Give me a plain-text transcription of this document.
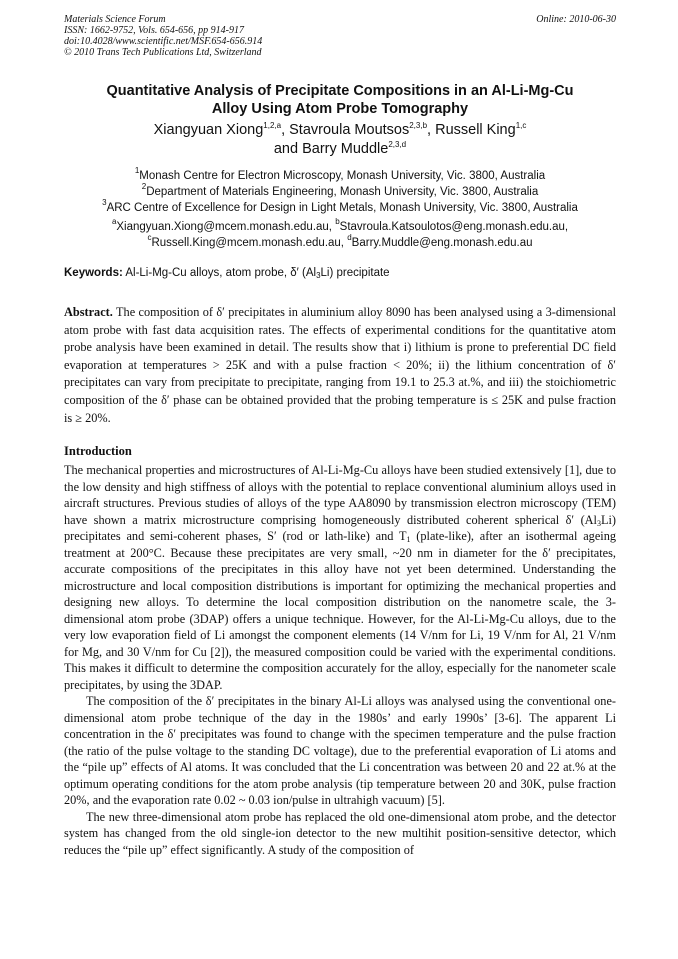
Materials Science Forum
ISSN: 1662-9752, Vols. 654-656, pp 914-917
doi:10.4028/www.scientific.net/MSF.654-656.914
© 2010 Trans Tech Publications Ltd, Switzerland
Online: 2010-06-30
Quantitative Analysis of Precipitate Compositions in an Al-Li-Mg-Cu
Alloy Using Atom Probe Tomography
Xiangyuan Xiong$^{1,2,a}$, Stavroula Moutsos$^{2,3,b}$, Russell King$^{1,c}$
and Barry Muddle$^{2,3,d}$
$^1$Monash Centre for Electron Microscopy, Monash University, Vic. 3800, Australia
$^2$Department of Materials Engineering, Monash University, Vic. 3800, Australia
$^3$ARC Centre of Excellence for Design in Light Metals, Monash University, Vic. 3800, Australia
$^a$Xiangyuan.Xiong@mcem.monash.edu.au, $^b$Stavroula.Katsoulotos@eng.monash.edu.au,
$^c$Russell.King@mcem.monash.edu.au, $^d$Barry.Muddle@eng.monash.edu.au
Keywords: Al-Li-Mg-Cu alloys, atom probe, δ′ $(Al_3Li)$ precipitate
Abstract. The composition of δ′ precipitates in aluminium alloy 8090 has been analysed using a 3-dimensional atom probe with fast data acquisition rates. The effects of experimental conditions for the quantitative atom probe analysis have been examined in detail. The results show that i) lithium is prone to preferential DC field evaporation at temperatures > 25K and with a pulse fraction < 20%; ii) the lithium concentration of δ′ precipitates can vary from precipitate to precipitate, ranging from 19.1 to 25.3 at.%, and iii) the stoichiometric composition of the δ′ phase can be obtained provided that the probing temperature is ≤ 25K and pulse fraction is ≥ 20%.
Introduction

The mechanical properties and microstructures of Al-Li-Mg-Cu alloys have been studied extensively [1], due to the low density and high stiffness of alloys with the potential to replace conventional aluminium alloys used in aircraft structures. Previous studies of alloys of the type AA8090 by transmission electron microscopy (TEM) have shown a matrix microstructure comprising homogeneously distributed coherent spherical δ′ $(Al_3Li)$ precipitates and semi-coherent phases, S′ (rod or lath-like) and $T_1$ (plate-like), after an isothermal ageing treatment at 200°C. Because these precipitates are very small, ~20 nm in diameter for the δ′ precipitates, accurate compositions of the precipitates in this alloy have not yet been determined. Understanding the microstructure and local composition distributions is important for optimizing the mechanical properties and designing new alloys. To determine the local composition distribution on the nanometre scale, the 3-dimensional atom probe (3DAP) offers a unique technique. However, for the Al-Li-Mg-Cu alloys, due to the very low evaporation field of Li amongst the component elements (14 V/nm for Li, 19 V/nm for Al, 21 V/nm for Mg, and 30 V/nm for Cu [2]), the measured composition could be varied with the experimental conditions. This makes it difficult to determine the composition accurately for the alloy, especially for the nanometer scale precipitates, by using the 3DAP.

The composition of the δ′ precipitates in the binary Al-Li alloys was analysed using the conventional one-dimensional atom probe technique of the day in the 1980s’ and early 1990s’ [3-6]. The apparent Li concentration in the δ′ precipitates was found to change with the specimen temperature and the pulse fraction (the ratio of the pulse voltage to the standing DC voltage), due to the preferential evaporation of Li atoms and the “pile up” effects of Al atoms. It was concluded that the Li concentration was between 20 and 22 at.% at the optimum operating conditions for the atom probe analysis (tip temperature between 20 and 30K, pulse fraction 20%, and the evaporation rate 0.02 ~ 0.03 ion/pulse in ultrahigh vacuum) [5].

The new three-dimensional atom probe has replaced the old one-dimensional atom probe, and the detector system has changed from the old single-ion detector to the new multihit position-sensitive detector, which reduces the “pile up” effect significantly. A study of the composition of
